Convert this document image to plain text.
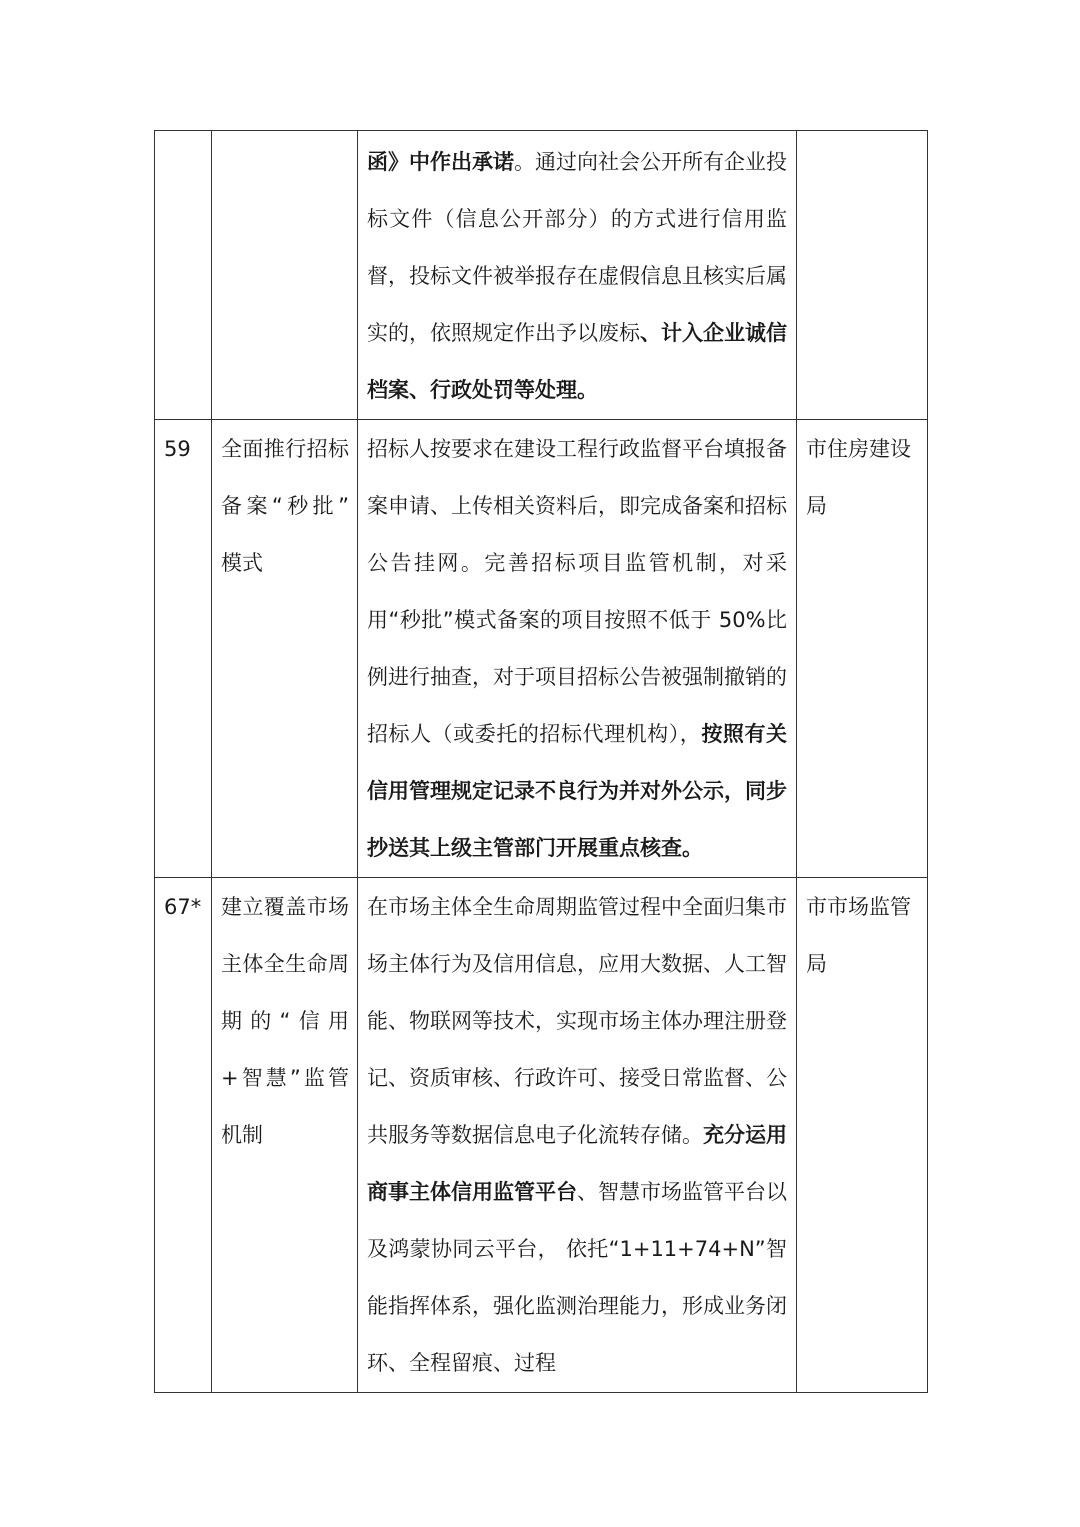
		函》中作出承诺。通过向社会公开所有企业投标文件（信息公开部分）的方式进行信用监督，投标文件被举报存在虚假信息且核实后属实的，依照规定作出予以废标、计入企业诚信档案、行政处罚等处理。	

59	全面推行招标备案“秒批” 模式	招标人按要求在建设工程行政监督平台填报备案申请、上传相关资料后，即完成备案和招标公告挂网。完善招标项目监管机制，对采用“秒批”模式备案的项目按照不低于 50%比例进行抽查，对于项目招标公告被强制撤销的招标人（或委托的招标代理机构），按照有关信用管理规定记录不良行为并对外公示，同步抄送其上级主管部门开展重点核查。	市住房建设局

67*	建立覆盖市场主体全生命周期的“信用+智慧”监管机制	在市场主体全生命周期监管过程中全面归集市场主体行为及信用信息，应用大数据、人工智能、物联网等技术，实现市场主体办理注册登记、资质审核、行政许可、接受日常监督、公共服务等数据信息电子化流转存储。充分运用商事主体信用监管平台、智慧市场监管平台以及鸿蒙协同云平台， 依托“1+11+74+N”智能指挥体系，强化监测治理能力，形成业务闭环、全程留痕、过程	市市场监管局
